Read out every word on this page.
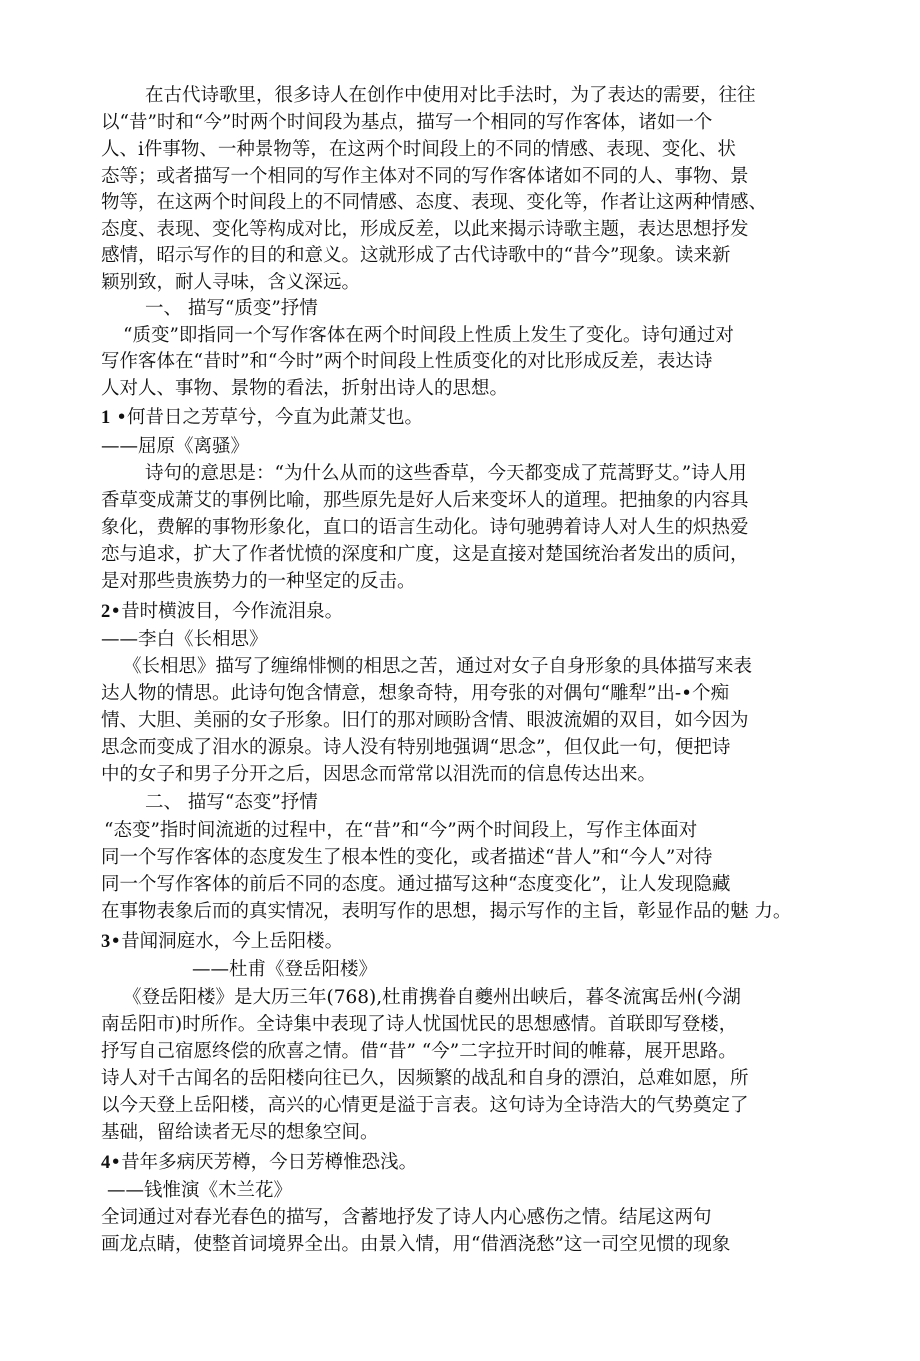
在古代诗歌里，很多诗人在创作中使用对比手法时，为了表达的需要，往往
以“昔”时和“今”时两个时间段为基点，描写一个相同的写作客体，诸如一个
人、i件事物、一种景物等，在这两个时间段上的不同的情感、表现、变化、状
态等；或者描写一个相同的写作主体对不同的写作客体诸如不同的人、事物、景
物等，在这两个时间段上的不同情感、态度、表现、变化等，作者让这两种情感、
态度、表现、变化等构成对比，形成反差，以此来揭示诗歌主题，表达思想抒发
感情，昭示写作的目的和意义。这就形成了古代诗歌中的“昔今”现象。读来新
颖别致，耐人寻味，含义深远。
一、 描写“质变”抒情
“质变”即指同一个写作客体在两个时间段上性质上发生了变化。诗句通过对
写作客体在“昔时”和“今时”两个时间段上性质变化的对比形成反差，表达诗
人对人、事物、景物的看法，折射出诗人的思想。
1 •何昔日之芳草兮，今直为此萧艾也。
——屈原《离骚》
诗句的意思是：“为什么从而的这些香草，今天都变成了荒蒿野艾。”诗人用
香草变成萧艾的事例比喻，那些原先是好人后来变坏人的道理。把抽象的内容具
象化，费解的事物形象化，直口的语言生动化。诗句驰骋着诗人对人生的炽热爱
恋与追求，扩大了作者忧愤的深度和广度，这是直接对楚国统治者发出的质问，
是对那些贵族势力的一种坚定的反击。
2•昔时横波目，今作流泪泉。
——李白《长相思》
《长相思》描写了缠绵悱恻的相思之苦，通过对女子自身形象的具体描写来表
达人物的情思。此诗句饱含情意，想象奇特，用夸张的对偶句“雕犁”出-•个痴
情、大胆、美丽的女子形象。旧仃的那对顾盼含情、眼波流媚的双目，如今因为
思念而变成了泪水的源泉。诗人没有特别地强调“思念”，但仅此一句，便把诗
中的女子和男子分开之后，因思念而常常以泪洗而的信息传达出来。
二、 描写“态变”抒情
“态变”指时间流逝的过程中，在“昔”和“今”两个时间段上，写作主体面对
同一个写作客体的态度发生了根本性的变化，或者描述“昔人”和“今人”对待
同一个写作客体的前后不同的态度。通过描写这种“态度变化”，让人发现隐藏
在事物表象后而的真实情况，表明写作的思想，揭示写作的主旨，彰显作品的魅 力。
3•昔闻洞庭水，今上岳阳楼。
——杜甫《登岳阳楼》
《登岳阳楼》是大历三年(768),杜甫携眷自夔州出峡后，暮冬流寓岳州(今湖
南岳阳市)时所作。全诗集中表现了诗人忧国忧民的思想感情。首联即写登楼，
抒写自己宿愿终偿的欣喜之情。借“昔” “今”二字拉开时间的帷幕，展开思路。
诗人对千古闻名的岳阳楼向往已久，因频繁的战乱和自身的漂泊，总难如愿，所
以今天登上岳阳楼，高兴的心情更是溢于言表。这句诗为全诗浩大的气势奠定了
基础，留给读者无尽的想象空间。
4•昔年多病厌芳樽，今日芳樽惟恐浅。
——钱惟演《木兰花》
全词通过对春光春色的描写，含蓄地抒发了诗人内心感伤之情。结尾这两句
画龙点睛，使整首词境界全出。由景入情，用“借酒浇愁”这一司空见惯的现象
